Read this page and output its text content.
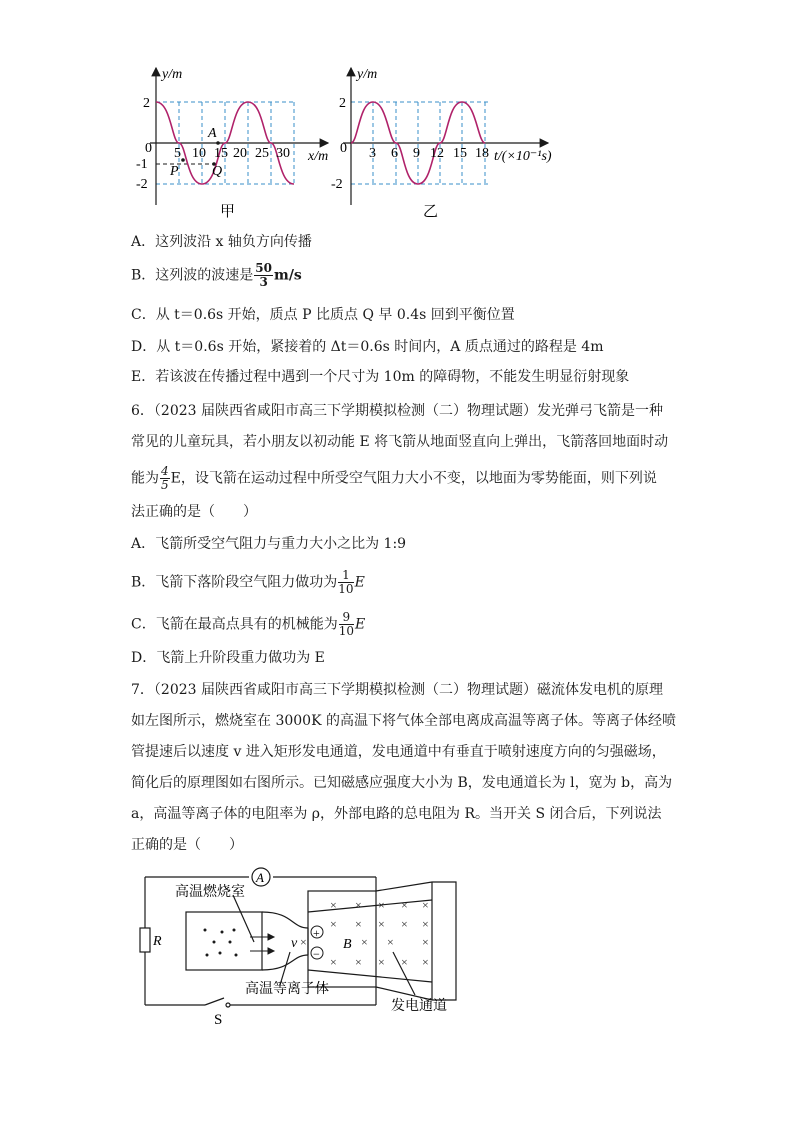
y/m
2
0
-1
-2
5 10 15 20 25 30 x/m
A
P Q
甲
y/m
2
0
-2
3 6 9 12 15 18 t/(×10⁻¹s)
乙
A．这列波沿 x 轴负方向传播
B．这列波的波速是 $\frac{50}{3} m/s$
C．从 t＝0.6s 开始，质点 P 比质点 Q 早 0.4s 回到平衡位置
D．从 t＝0.6s 开始，紧接着的 Δt＝0.6s 时间内，A 质点通过的路程是 4m
E．若该波在传播过程中遇到一个尺寸为 10m 的障碍物，不能发生明显衍射现象
6．（2023 届陕西省咸阳市高三下学期模拟检测（二）物理试题）发光弹弓飞箭是一种
常见的儿童玩具，若小朋友以初动能 E 将飞箭从地面竖直向上弹出，飞箭落回地面时动
能为 $\frac{4}{5}$ E，设飞箭在运动过程中所受空气阻力大小不变，以地面为零势能面，则下列说
法正确的是（　　）
A．飞箭所受空气阻力与重力大小之比为 1:9
B．飞箭下落阶段空气阻力做功为 $\frac{1}{10}$ E
C．飞箭在最高点具有的机械能为 $\frac{9}{10}$ E
D．飞箭上升阶段重力做功为 E
7．（2023 届陕西省咸阳市高三下学期模拟检测（二）物理试题）磁流体发电机的原理
如左图所示，燃烧室在 3000K 的高温下将气体全部电离成高温等离子体。等离子体经喷
管提速后以速度 v 进入矩形发电通道，发电通道中有垂直于喷射速度方向的匀强磁场，
简化后的原理图如右图所示。已知磁感应强度大小为 B，发电通道长为 l，宽为 b，高为
a，高温等离子体的电阻率为 ρ，外部电路的总电阻为 R。当开关 S 闭合后，下列说法
正确的是（　　）
× × × × ×
× × × × ×
×	× × ×
× × × × ×
+
−
A
R
S
高温燃烧室
高温等离子体
发电通道
v	B
